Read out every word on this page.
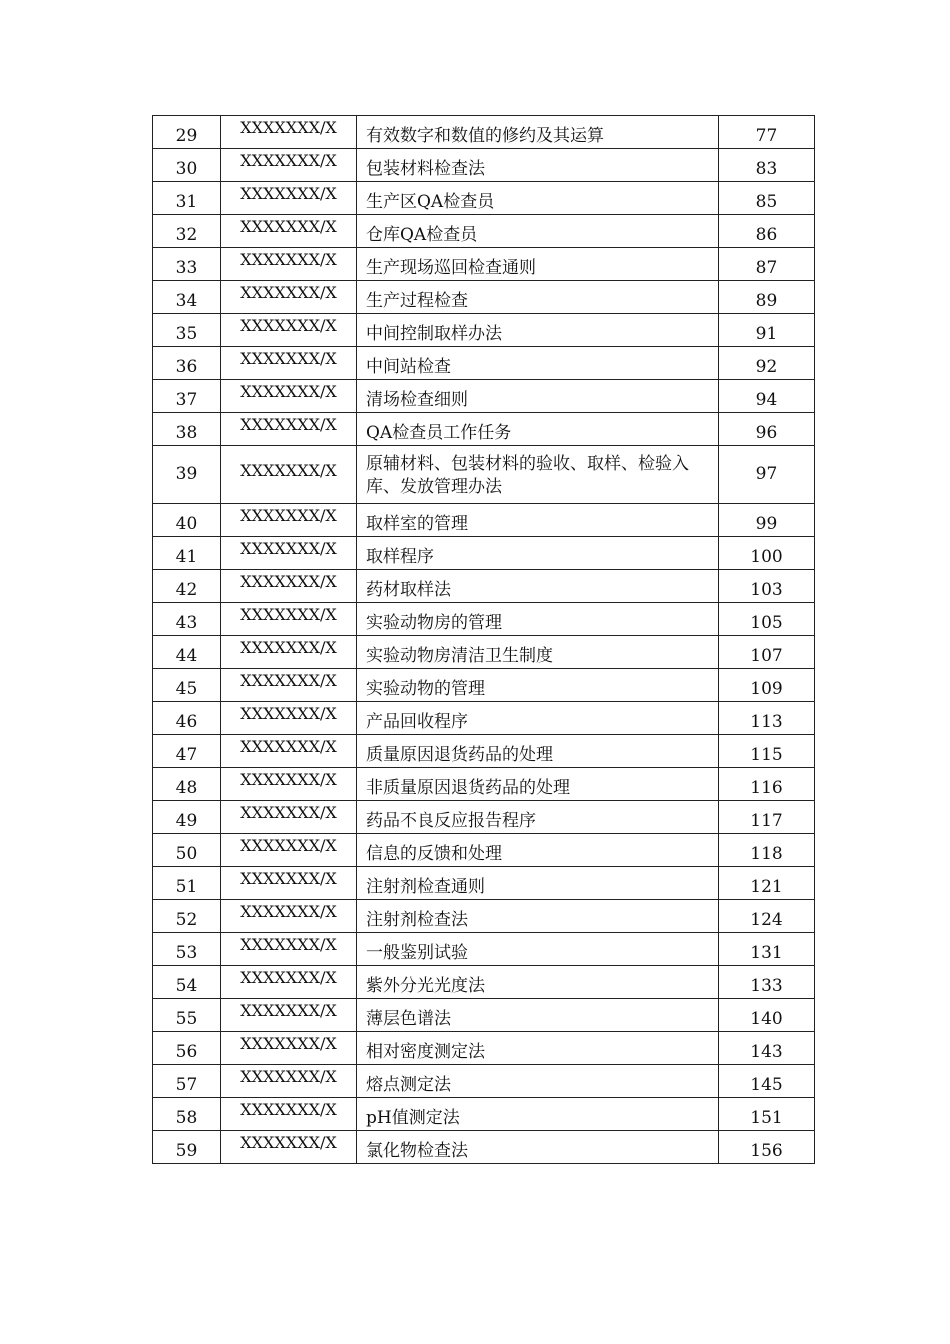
29	XXXXXXX/X	有效数字和数值的修约及其运算	77
30	XXXXXXX/X	包装材料检查法	83
31	XXXXXXX/X	生产区QA检查员	85
32	XXXXXXX/X	仓库QA检查员	86
33	XXXXXXX/X	生产现场巡回检查通则	87
34	XXXXXXX/X	生产过程检查	89
35	XXXXXXX/X	中间控制取样办法	91
36	XXXXXXX/X	中间站检查	92
37	XXXXXXX/X	清场检查细则	94
38	XXXXXXX/X	QA检查员工作任务	96
39	XXXXXXX/X	原辅材料、包装材料的验收、取样、检验入库、发放管理办法	97
40	XXXXXXX/X	取样室的管理	99
41	XXXXXXX/X	取样程序	100
42	XXXXXXX/X	药材取样法	103
43	XXXXXXX/X	实验动物房的管理	105
44	XXXXXXX/X	实验动物房清洁卫生制度	107
45	XXXXXXX/X	实验动物的管理	109
46	XXXXXXX/X	产品回收程序	113
47	XXXXXXX/X	质量原因退货药品的处理	115
48	XXXXXXX/X	非质量原因退货药品的处理	116
49	XXXXXXX/X	药品不良反应报告程序	117
50	XXXXXXX/X	信息的反馈和处理	118
51	XXXXXXX/X	注射剂检查通则	121
52	XXXXXXX/X	注射剂检查法	124
53	XXXXXXX/X	一般鉴别试验	131
54	XXXXXXX/X	紫外分光光度法	133
55	XXXXXXX/X	薄层色谱法	140
56	XXXXXXX/X	相对密度测定法	143
57	XXXXXXX/X	熔点测定法	145
58	XXXXXXX/X	pH值测定法	151
59	XXXXXXX/X	氯化物检查法	156
